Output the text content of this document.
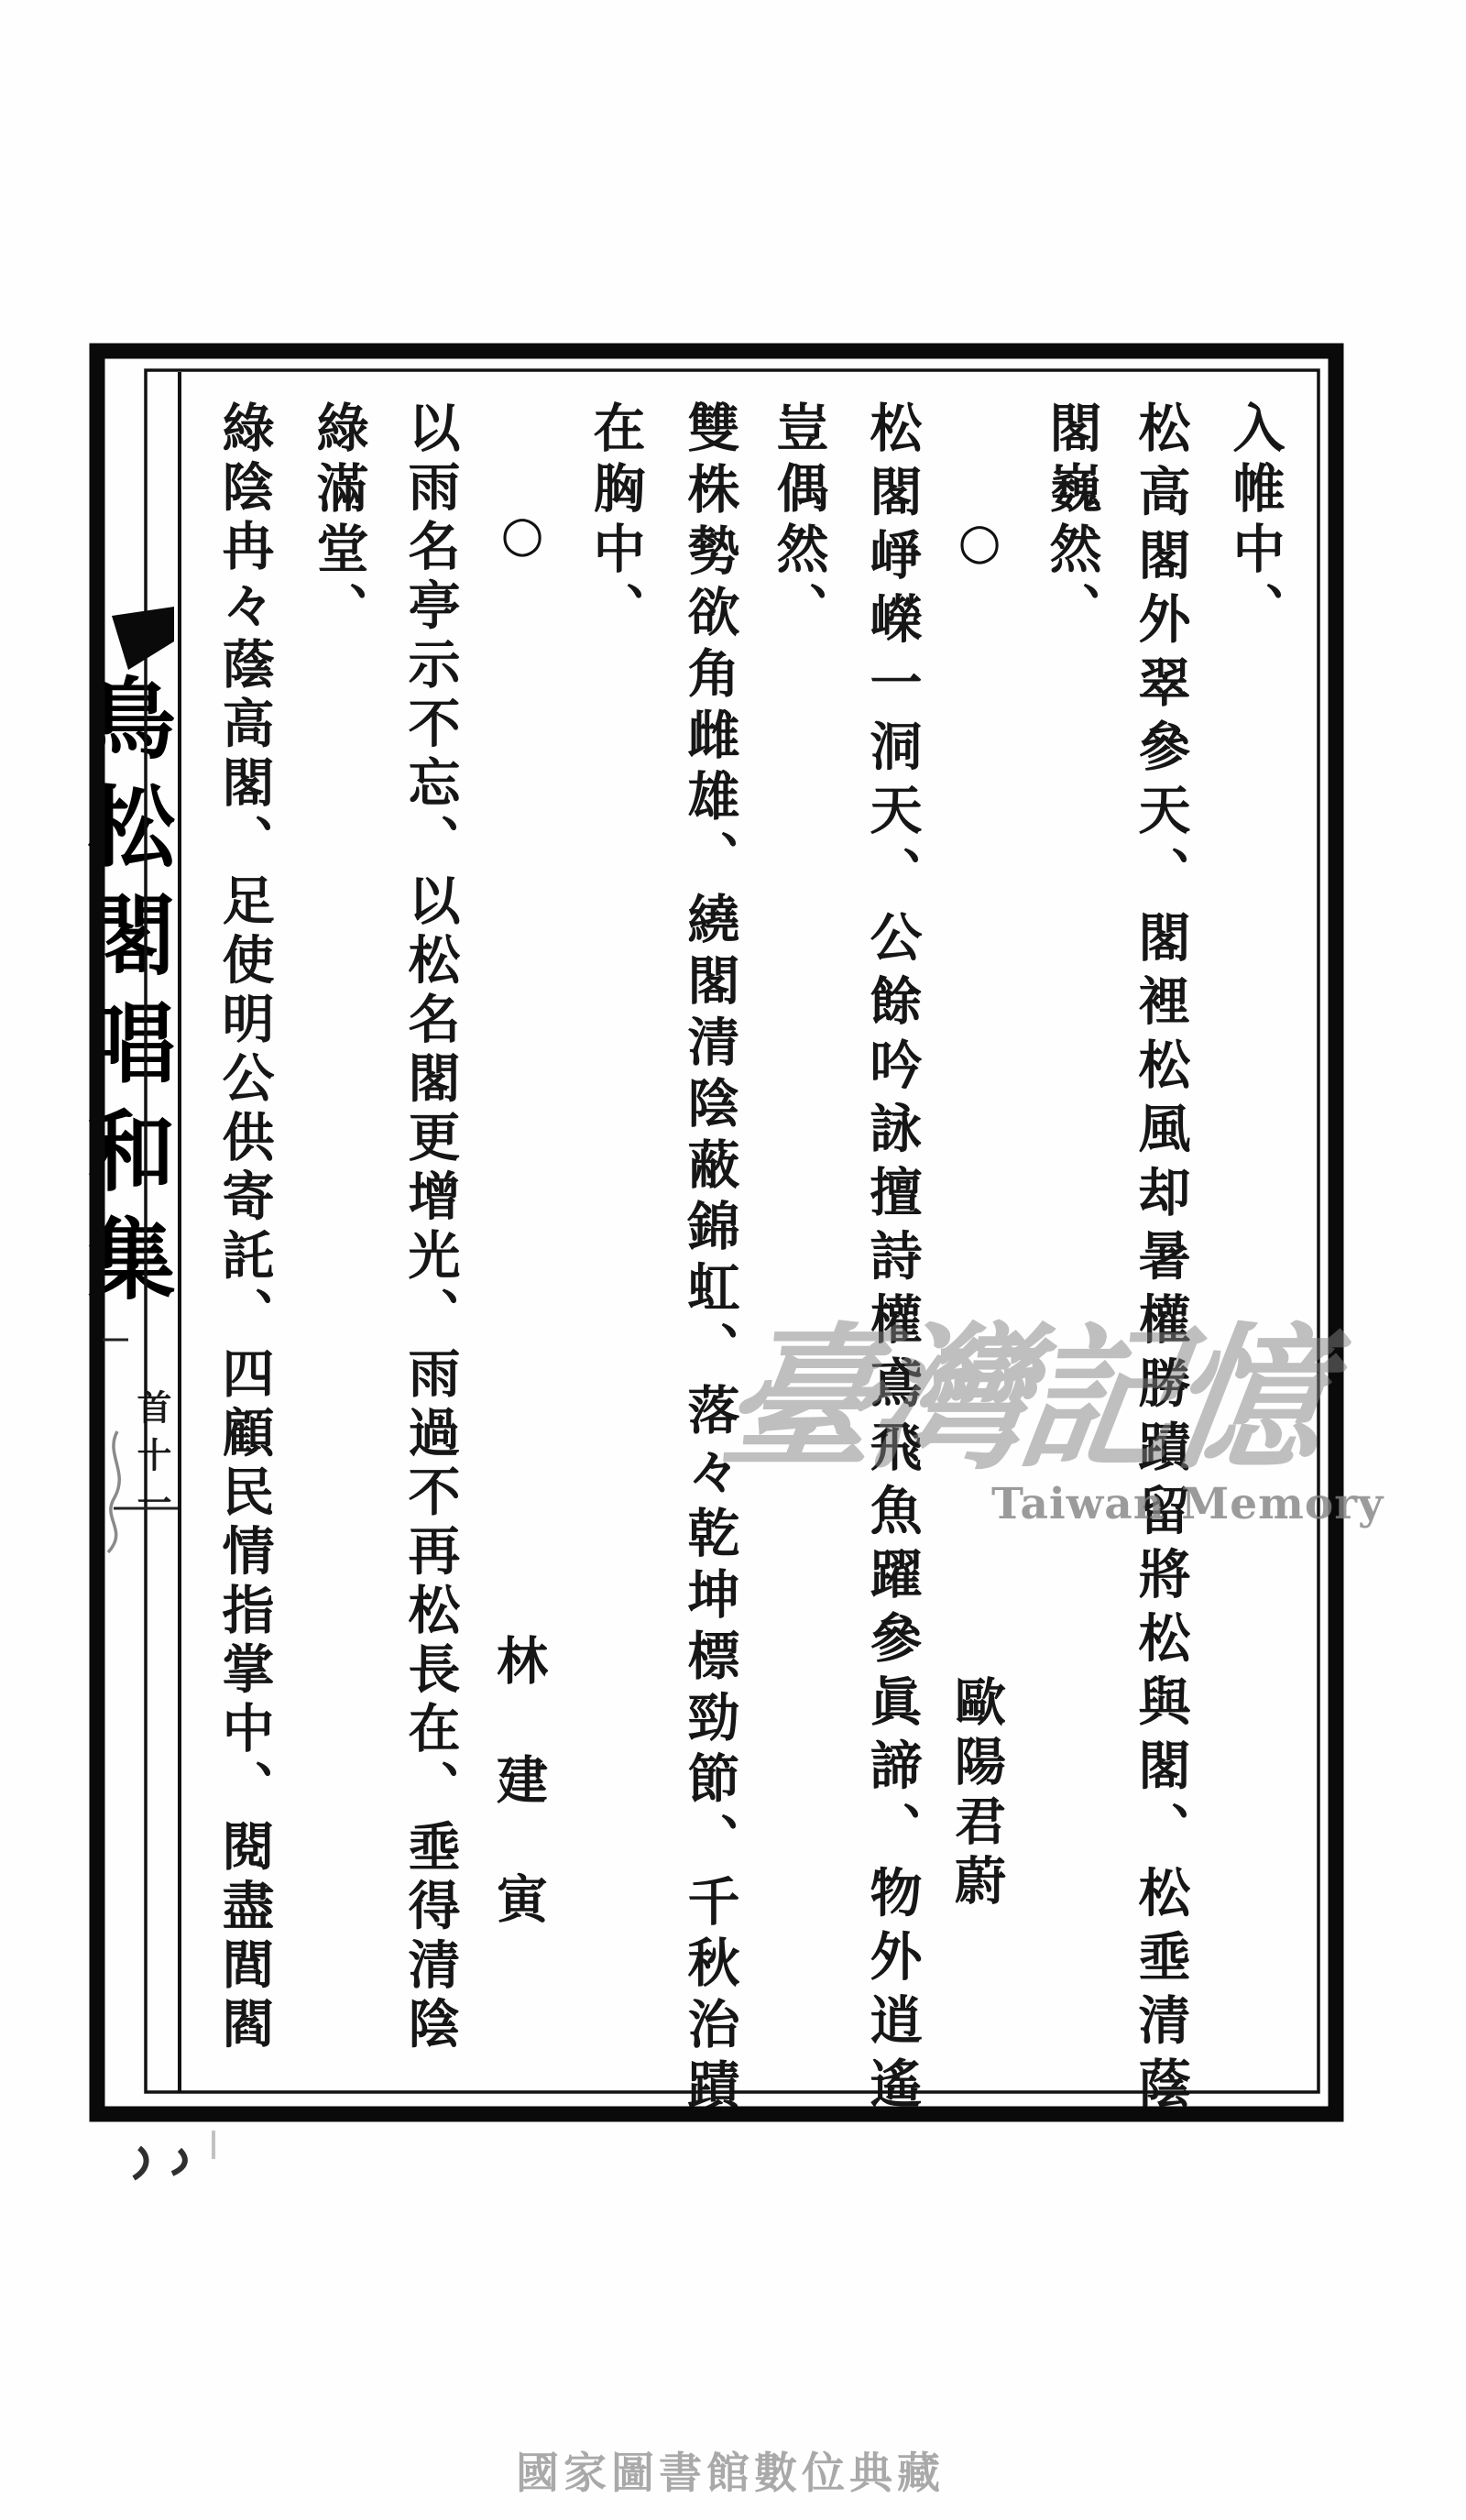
入帷中、
松高閣外翠參天、閣裡松風却暑權勝蹟留將松與閣、松埀清蔭
閣巍然、
○
歐陽君蔚
松閣崢嶸一洞天、公餘吟詠擅詩權鳶飛魚躍參眞諦、物外逍遙
豈偶然、
雙株勢欲角雌雄、繞閣清陰蔽錦虹、落々乾坤標勁節、千秋治蹟
在胸中、
○
林建寅
以雨名亭示不忘、以松名閣更增光、雨過不再松長在、埀得清陰
綠滿堂、
綠陰冉々蔭高閣、足使明公供寄託、四顧民情指掌中、閱盡閭閻
鳥松閣唱和集
首十一	臺灣記憶
Taiwan Memory
國家圖書館數位典藏
